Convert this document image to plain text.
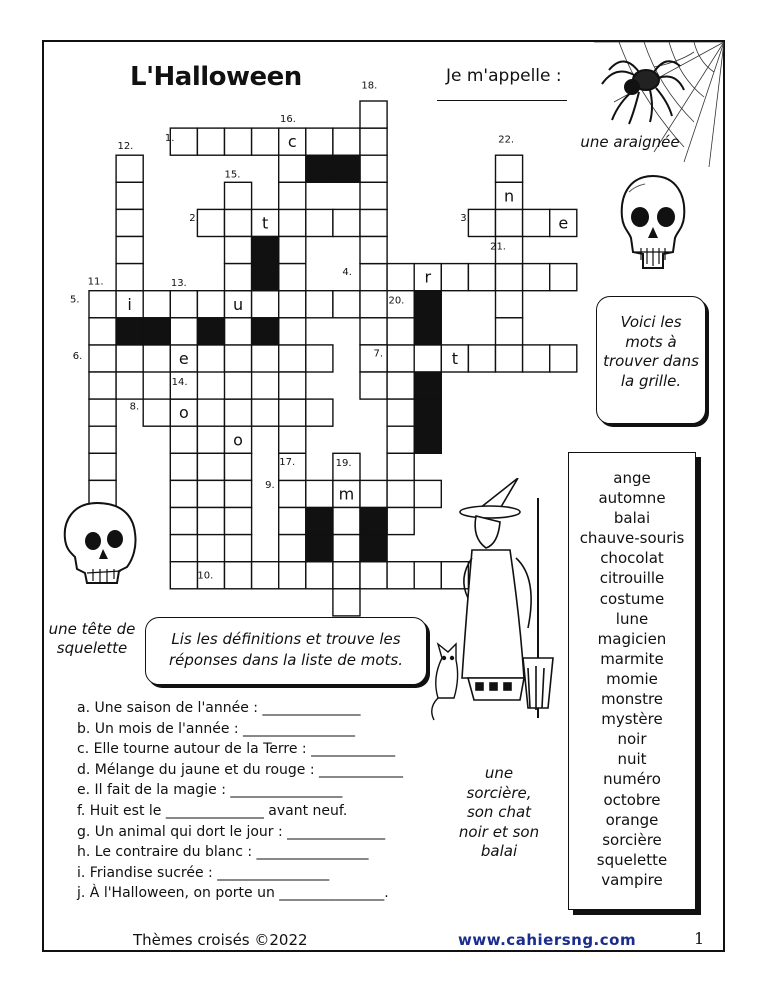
L'Halloween	Je m'appelle :
1.
2.	3.
4.
5.
6.	7.
8.
9.
10.
11.
12.
13.
14.
15.
16.
17.
18.
19.
20.
21.
22.
c
n
t	e
r
i	u
e	t
o
o
m
une araignée
Voici les mots à trouver dans la grille.
ange
automne
balai
chauve-souris
chocolat
citrouille
costume
lune
magicien
marmite
momie
monstre
mystère
noir
nuit
numéro
octobre
orange
sorcière
squelette
vampire
une tête de squelette	Lis les définitions et trouve les réponses dans la liste de mots.
a. Une saison de l'année : ______________
b. Un mois de l'année : ________________
c. Elle tourne autour de la Terre : ____________
d. Mélange du jaune et du rouge : ____________
e. Il fait de la magie : ________________
f. Huit est le ______________ avant neuf.
g. Un animal qui dort le jour : ______________
h. Le contraire du blanc : ________________
i. Friandise sucrée : ________________
j. À l'Halloween, on porte un _______________.
une sorcière, son chat noir et son balai
Thèmes croisés ©2022	www.cahiersng.com	1
